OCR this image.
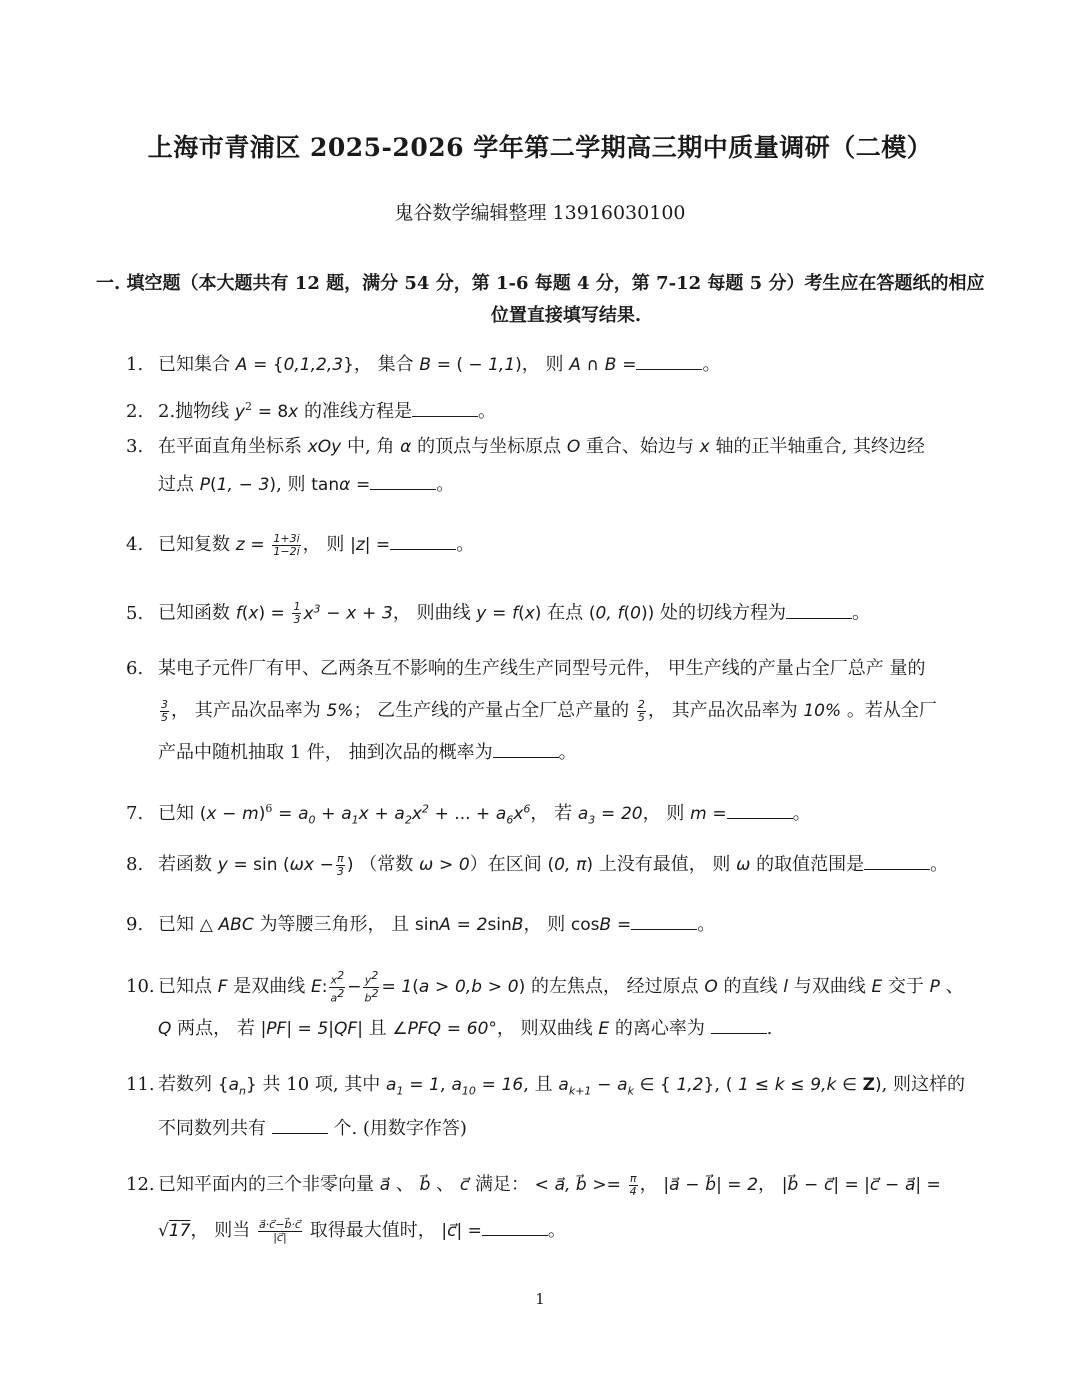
上海市青浦区 2025-2026 学年第二学期高三期中质量调研（二模）
鬼谷数学编辑整理 13916030100
一. 填空题（本大题共有 12 题，满分 54 分，第 1-6 每题 4 分，第 7-12 每题 5 分）考生应在答题纸的相应
位置直接填写结果.
1. 已知集合 A = {0,1,2,3}， 集合 B = ( − 1,1)， 则 A ∩ B =	。
2. 2.抛物线 $y^2 = 8x$ 的准线方程是	。
3. 在平面直角坐标系 xOy 中, 角 α 的顶点与坐标原点 O 重合、始边与 x 轴的正半轴重合, 其终边经
过点 P(1, − 3), 则 tanα =	。
4. 已知复数 $z = \frac{1+3i}{1-2i}$ ， 则 |z| =	。
5. 已知函数 $f(x) = \frac{1}{3} x^3 - x + 3$， 则曲线 y = f(x) 在点 (0, f(0)) 处的切线方程为	。
6. 某电子元件厂有甲、乙两条互不影响的生产线生产同型号元件， 甲生产线的产量占全厂总产 量的
$\frac{3}{5}$ ， 其产品次品率为 5%； 乙生产线的产量占全厂总产量的 $\frac{2}{5}$ ， 其产品次品率为 10% 。若从全厂
产品中随机抽取 1 件， 抽到次品的概率为	。
7. 已知 $(x - m)^6 = a_0 + a_1x + a_2x^2$ + ... + $a_6x^6$， 若 $a_3 = 20$， 则 m =	。
8. 若函数 $y = \sin (\omega x - \frac{\pi}{3}$ ) （常数 ω > 0）在区间 (0, π) 上没有最值， 则 ω 的取值范围是	。
9. 已知 △ ABC 为等腰三角形， 且 sinA = 2sinB， 则 cosB =	。
10. 已知点 F 是双曲线 E: $\frac{x^2}{a^2} - \frac{y^2}{b^2} = 1(a > 0,b > 0)$ 的左焦点， 经过原点 O 的直线 l 与双曲线 E 交于 P 、
Q 两点， 若 |PF| = 5|QF| 且 ∠PFQ = 60°， 则双曲线 E 的离心率为	.
11. 若数列 $\{a_n\}$ 共 10 项, 其中 $a_1 = 1$, $a_{10} = 16$, 且 $a_{k+1} - a_k$ ∈ { 1,2}, ( 1 ≤ k ≤ 9,k ∈ Z), 则这样的
不同数列共有	个. (用数字作答)
12. 已知平面内的三个非零向量 a⃗ 、 b⃗ 、 c⃗ 满足： < a⃗, b⃗ >= $\frac{\pi}{4}$ ， |a⃗ − b⃗| = 2， |b⃗ − c⃗| = |c⃗ − a⃗| =
√17， 则当 $\frac{a⃗\cdot c⃗-b⃗\cdot c⃗}{|c⃗|}$ 取得最大值时， |c⃗| =	。
1
